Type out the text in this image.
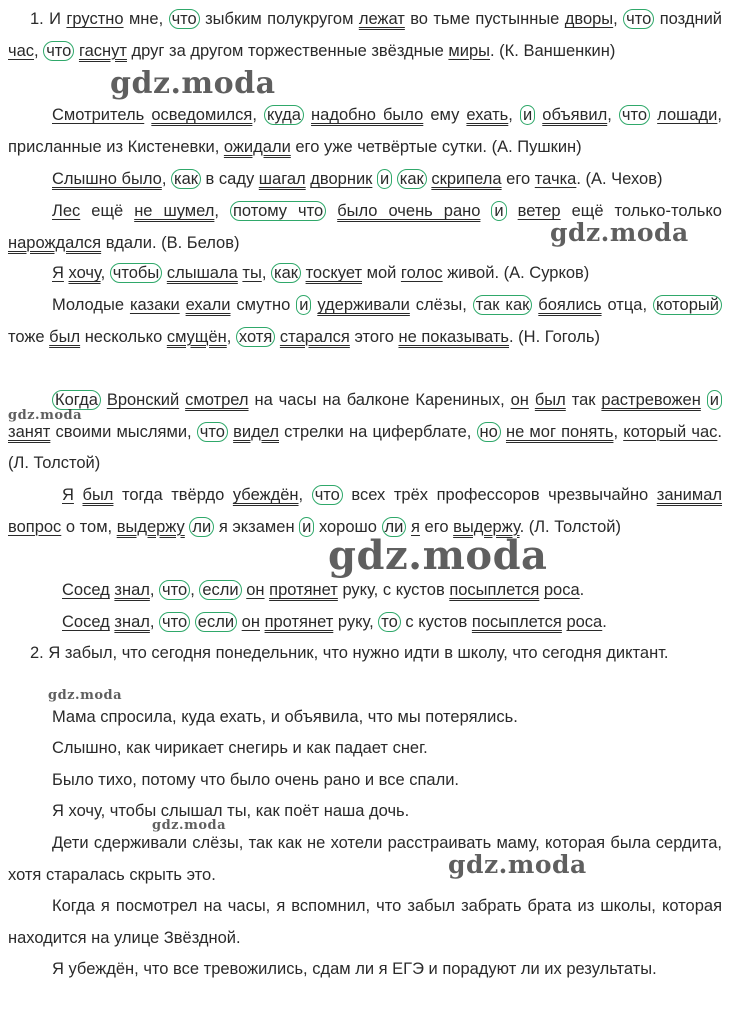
1. И грустно мне, что зыбким полукругом лежат во тьме пустынные дворы, что поздний час, что гаснут друг за другом торжественные звёздные миры. (К. Ваншенкин)

Смотритель осведомился, куда надобно было ему ехать, и объявил, что лошади, присланные из Кистеневки, ожидали его уже четвёртые сутки. (А. Пушкин)

Слышно было, как в саду шагал дворник и как скрипела его тачка. (А. Чехов)

Лес ещё не шумел, потому что было очень рано и ветер ещё только-только нарождался вдали. (В. Белов)

Я хочу, чтобы слышала ты, как тоскует мой голос живой. (А. Сурков)

Молодые казаки ехали смутно и удерживали слёзы, так как боялись отца, который тоже был несколько смущён, хотя старался этого не показывать. (Н. Гоголь)

Когда Вронский смотрел на часы на балконе Карениных, он был так растревожен и занят своими мыслями, что видел стрелки на циферблате, но не мог понять, который час. (Л. Толстой)

Я был тогда твёрдо убеждён, что всех трёх профессоров чрезвычайно занимал вопрос о том, выдержу ли я экзамен и хорошо ли я его выдержу. (Л. Толстой)

Сосед знал, что , если он протянет руку, с кустов посыплется роса.

Сосед знал, что если он протянет руку, то с кустов посыплется роса.

2. Я забыл, что сегодня понедельник, что нужно идти в школу, что сегодня диктант.

Мама спросила, куда ехать, и объявила, что мы потерялись.

Слышно, как чирикает снегирь и как падает снег.

Было тихо, потому что было очень рано и все спали.

Я хочу, чтобы слышал ты, как поёт наша дочь.

Дети сдерживали слёзы, так как не хотели расстраивать маму, которая была сердита, хотя старалась скрыть это.

Когда я посмотрел на часы, я вспомнил, что забыл забрать брата из школы, которая находится на улице Звёздной.

Я убеждён, что все тревожились, сдам ли я ЕГЭ и порадуют ли их результаты.

gdz.moda
gdz.moda
gdz.moda
gdz.moda
gdz.moda
gdz.moda
gdz.moda
